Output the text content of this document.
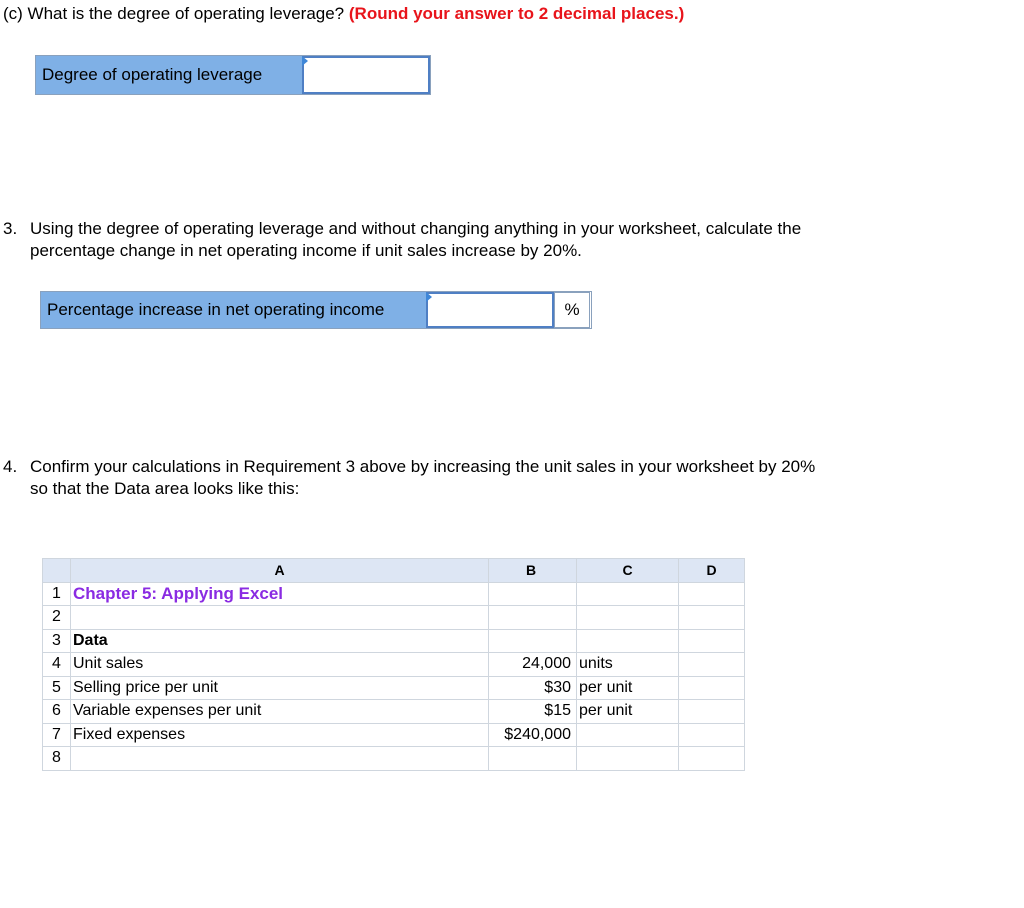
(c) What is the degree of operating leverage? (Round your answer to 2 decimal places.)
Degree of operating leverage
3. Using the degree of operating leverage and without changing anything in your worksheet, calculate the
percentage change in net operating income if unit sales increase by 20%.
Percentage increase in net operating income	%
4. Confirm your calculations in Requirement 3 above by increasing the unit sales in your worksheet by 20%
so that the Data area looks like this:
	A	B	C	D
1	Chapter 5: Applying Excel			
2				
3	Data			
4	Unit sales	24,000	units	
5	Selling price per unit	$30	per unit	
6	Variable expenses per unit	$15	per unit	
7	Fixed expenses	$240,000		
8				
